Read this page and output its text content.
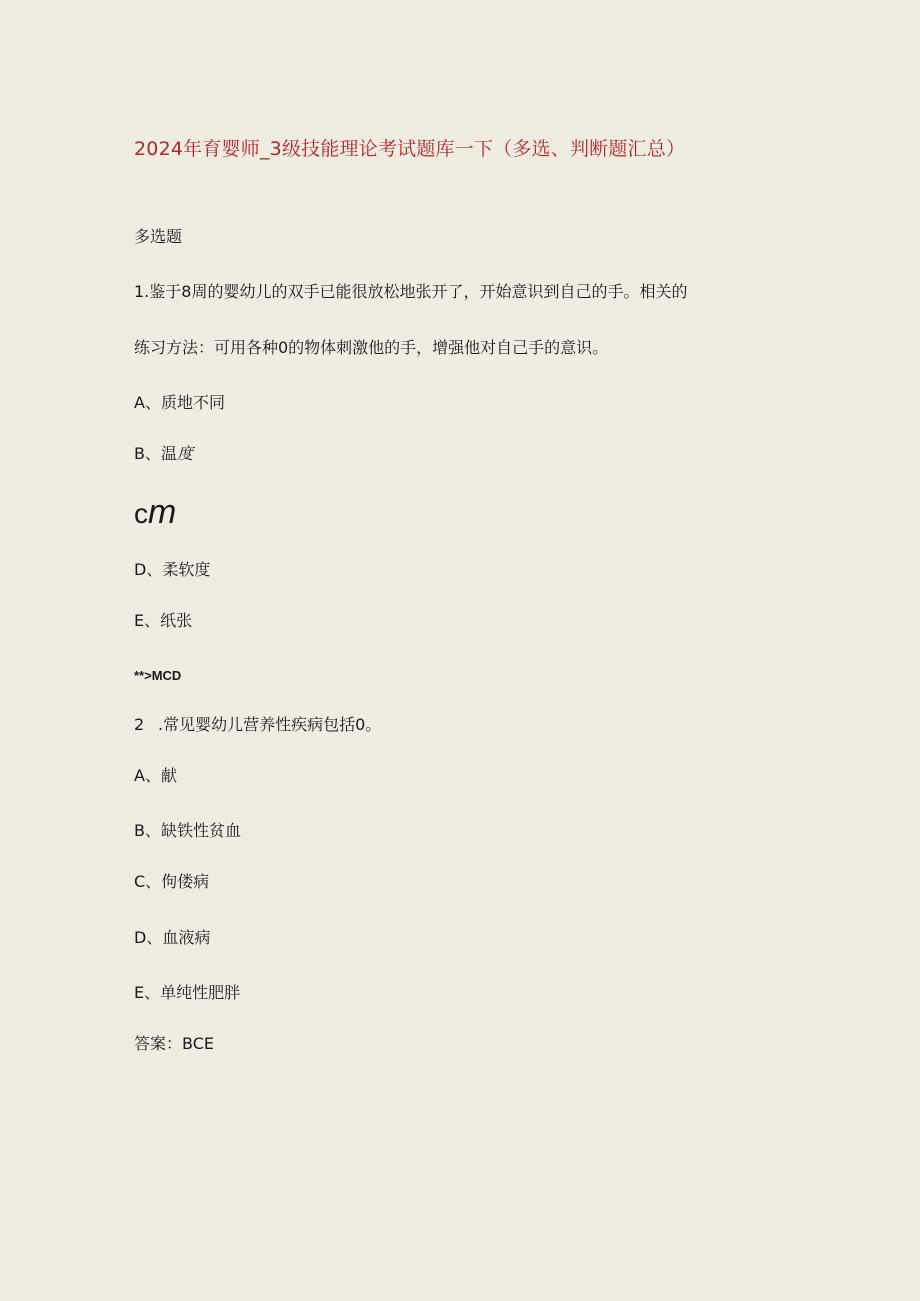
2024年育婴师_3级技能理论考试题库一下（多选、判断题汇总）
多选题
1.鉴于8周的婴幼儿的双手已能很放松地张开了，开始意识到自己的手。相关的
练习方法：可用各种0的物体刺激他的手，增强他对自己手的意识。
A、质地不同
B、温度
cm
D、柔软度
E、纸张
**>MCD
2 .常见婴幼儿营养性疾病包括0。
A、献
B、缺铁性贫血
C、佝偻病
D、血液病
E、单纯性肥胖
答案：BCE
